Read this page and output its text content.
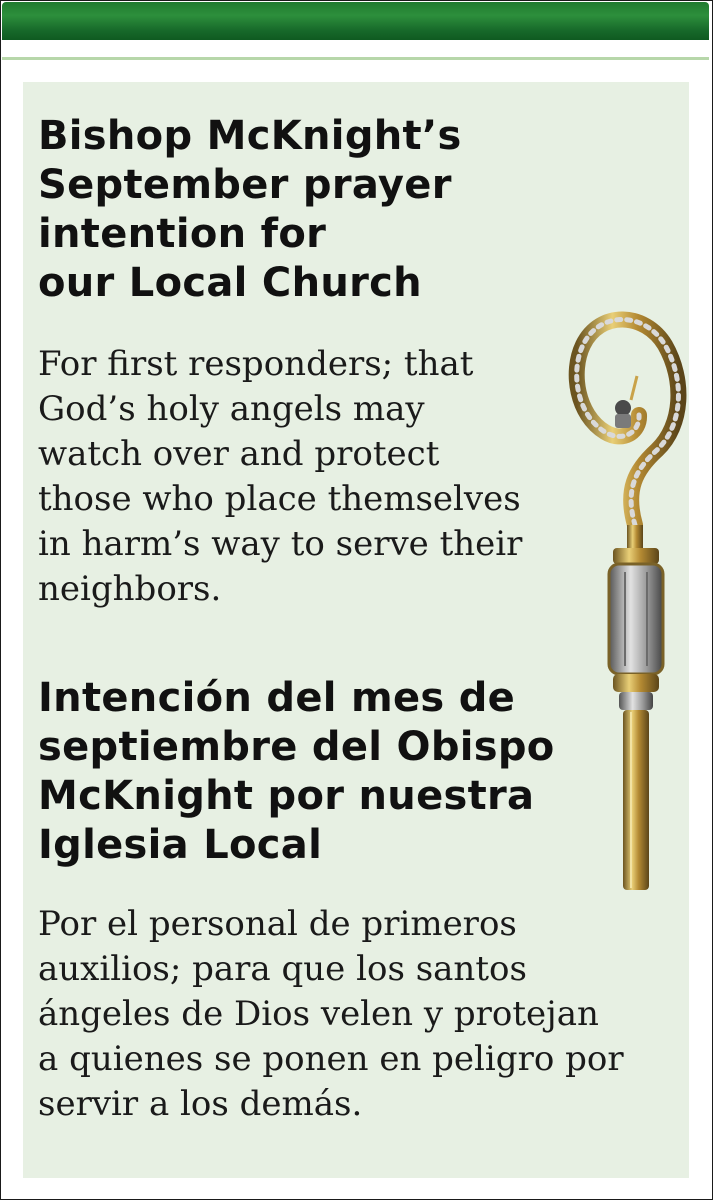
Bishop McKnight’s
September prayer
intention for
our Local Church

For first responders; that
God’s holy angels may
watch over and protect
those who place themselves
in harm’s way to serve their
neighbors.

Intención del mes de
septiembre del Obispo
McKnight por nuestra
Iglesia Local

Por el personal de primeros
auxilios; para que los santos
ángeles de Dios velen y protejan
a quienes se ponen en peligro por
servir a los demás.
